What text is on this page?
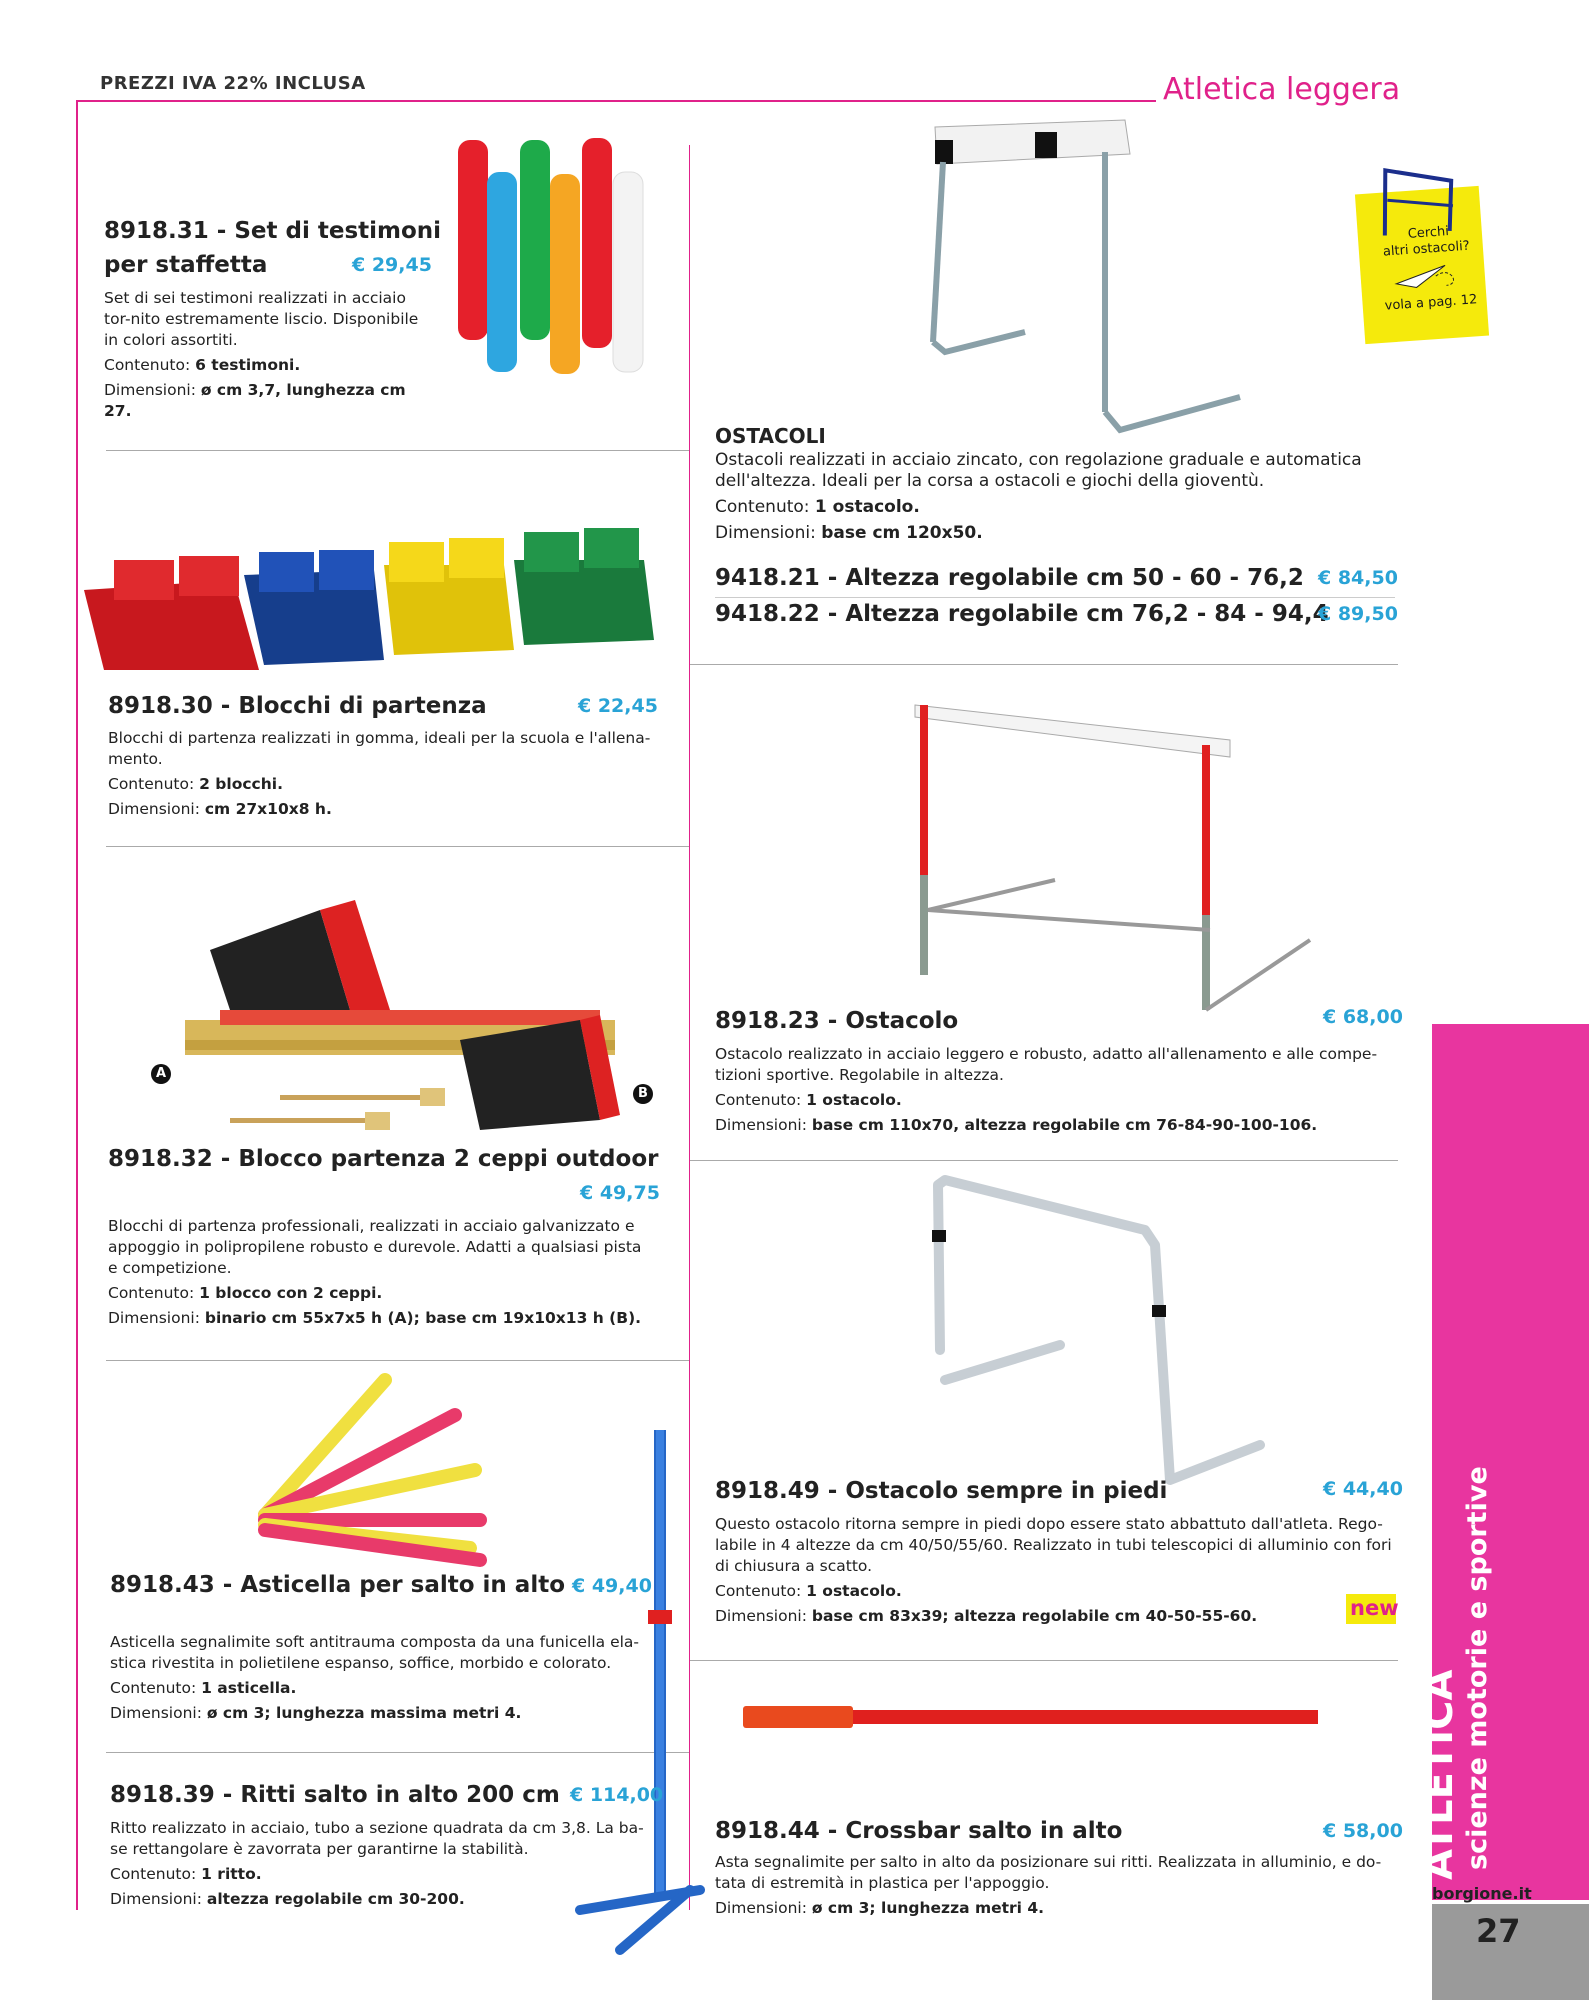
PREZZI IVA 22% INCLUSA	Atletica leggera
8918.31 - Set di testimoni
per staffetta	€ 29,45

Set di sei testimoni realizzati in acciaio tor-nito estremamente liscio. Disponibile in colori assortiti.

Contenuto: 6 testimoni.

Dimensioni: ø cm 3,7, lunghezza cm 27.

8918.30 - Blocchi di partenza	€ 22,45

Blocchi di partenza realizzati in gomma, ideali per la scuola e l'allena-mento.

Contenuto: 2 blocchi.

Dimensioni: cm 27x10x8 h.

A
B
8918.32 - Blocco partenza 2 ceppi outdoor
€ 49,75

Blocchi di partenza professionali, realizzati in acciaio galvanizzato e appoggio in polipropilene robusto e durevole. Adatti a qualsiasi pista e competizione.

Contenuto: 1 blocco con 2 ceppi.

Dimensioni: binario cm 55x7x5 h (A); base cm 19x10x13 h (B).

8918.43 - Asticella per salto in alto € 49,40

Asticella segnalimite soft antitrauma composta da una funicella ela-stica rivestita in polietilene espanso, soffice, morbido e colorato.

Contenuto: 1 asticella.

Dimensioni: ø cm 3; lunghezza massima metri 4.

8918.39 - Ritti salto in alto 200 cm € 114,00

Ritto realizzato in acciaio, tubo a sezione quadrata da cm 3,8. La ba-se rettangolare è zavorrata per garantirne la stabilità.

Contenuto: 1 ritto.

Dimensioni: altezza regolabile cm 30-200.

Cerchi
altri ostacoli?
vola a pag. 12
OSTACOLI

Ostacoli realizzati in acciaio zincato, con regolazione graduale e automatica dell'altezza. Ideali per la corsa a ostacoli e giochi della gioventù.

Contenuto: 1 ostacolo.

Dimensioni: base cm 120x50.

9418.21 - Altezza regolabile cm 50 - 60 - 76,2 € 84,50
9418.22 - Altezza regolabile cm 76,2 - 84 - 94,4
€ 89,50
8918.23 - Ostacolo	€ 68,00

Ostacolo realizzato in acciaio leggero e robusto, adatto all'allenamento e alle compe-tizioni sportive. Regolabile in altezza.

Contenuto: 1 ostacolo.

Dimensioni: base cm 110x70, altezza regolabile cm 76-84-90-100-106.

8918.49 - Ostacolo sempre in piedi	€ 44,40

Questo ostacolo ritorna sempre in piedi dopo essere stato abbattuto dall'atleta. Rego-labile in 4 altezze da cm 40/50/55/60. Realizzato in tubi telescopici di alluminio con fori di chiusura a scatto.

Contenuto: 1 ostacolo.

Dimensioni: base cm 83x39; altezza regolabile cm 40-50-55-60.	new
8918.44 - Crossbar salto in alto	€ 58,00

Asta segnalimite per salto in alto da posizionare sui ritti. Realizzata in alluminio, e do-tata di estremità in plastica per l'appoggio.

Dimensioni: ø cm 3; lunghezza metri 4.

ATLETICA
scienze motorie e sportive
borgione.it
27
